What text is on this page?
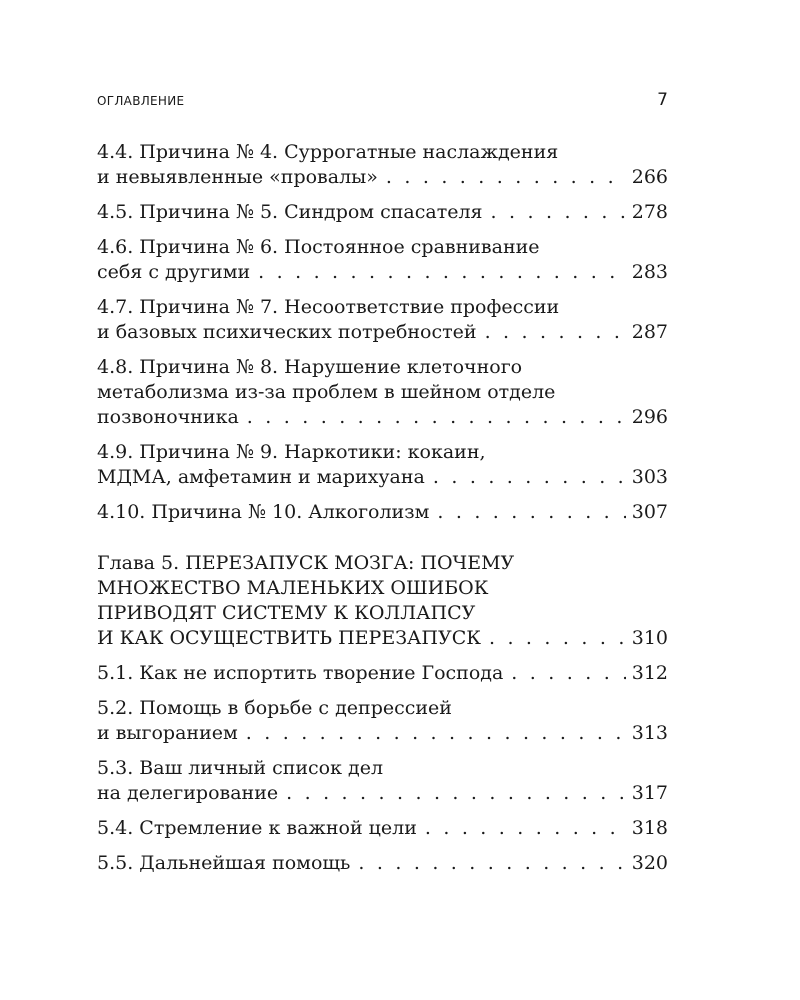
ОГЛАВЛЕНИЕ	7
4.4. Причина № 4. Суррогатные наслаждения
и невыявленные «провалы» . . .	266
4.5. Причина № 5. Синдром спасателя . . .	278
4.6. Причина № 6. Постоянное сравнивание
себя с другими . . .	283
4.7. Причина № 7. Несоответствие профессии
и базовых психических потребностей . . .	287
4.8. Причина № 8. Нарушение клеточного
метаболизма из-за проблем в шейном отделе
позвоночника . . .	296
4.9. Причина № 9. Наркотики: кокаин,
МДМА, амфетамин и марихуана . . .	303
4.10. Причина № 10. Алкоголизм . . .	307
Глава 5. ПЕРЕЗАПУСК МОЗГА: ПОЧЕМУ
МНОЖЕСТВО МАЛЕНЬКИХ ОШИБОК
ПРИВОДЯТ СИСТЕМУ К КОЛЛАПСУ
И КАК ОСУЩЕСТВИТЬ ПЕРЕЗАПУСК . . .	310
5.1. Как не испортить творение Господа . . .	312
5.2. Помощь в борьбе с депрессией
и выгоранием . . .	313
5.3. Ваш личный список дел
на делегирование . . .	317
5.4. Стремление к важной цели . . .	318
5.5. Дальнейшая помощь . . .	320
